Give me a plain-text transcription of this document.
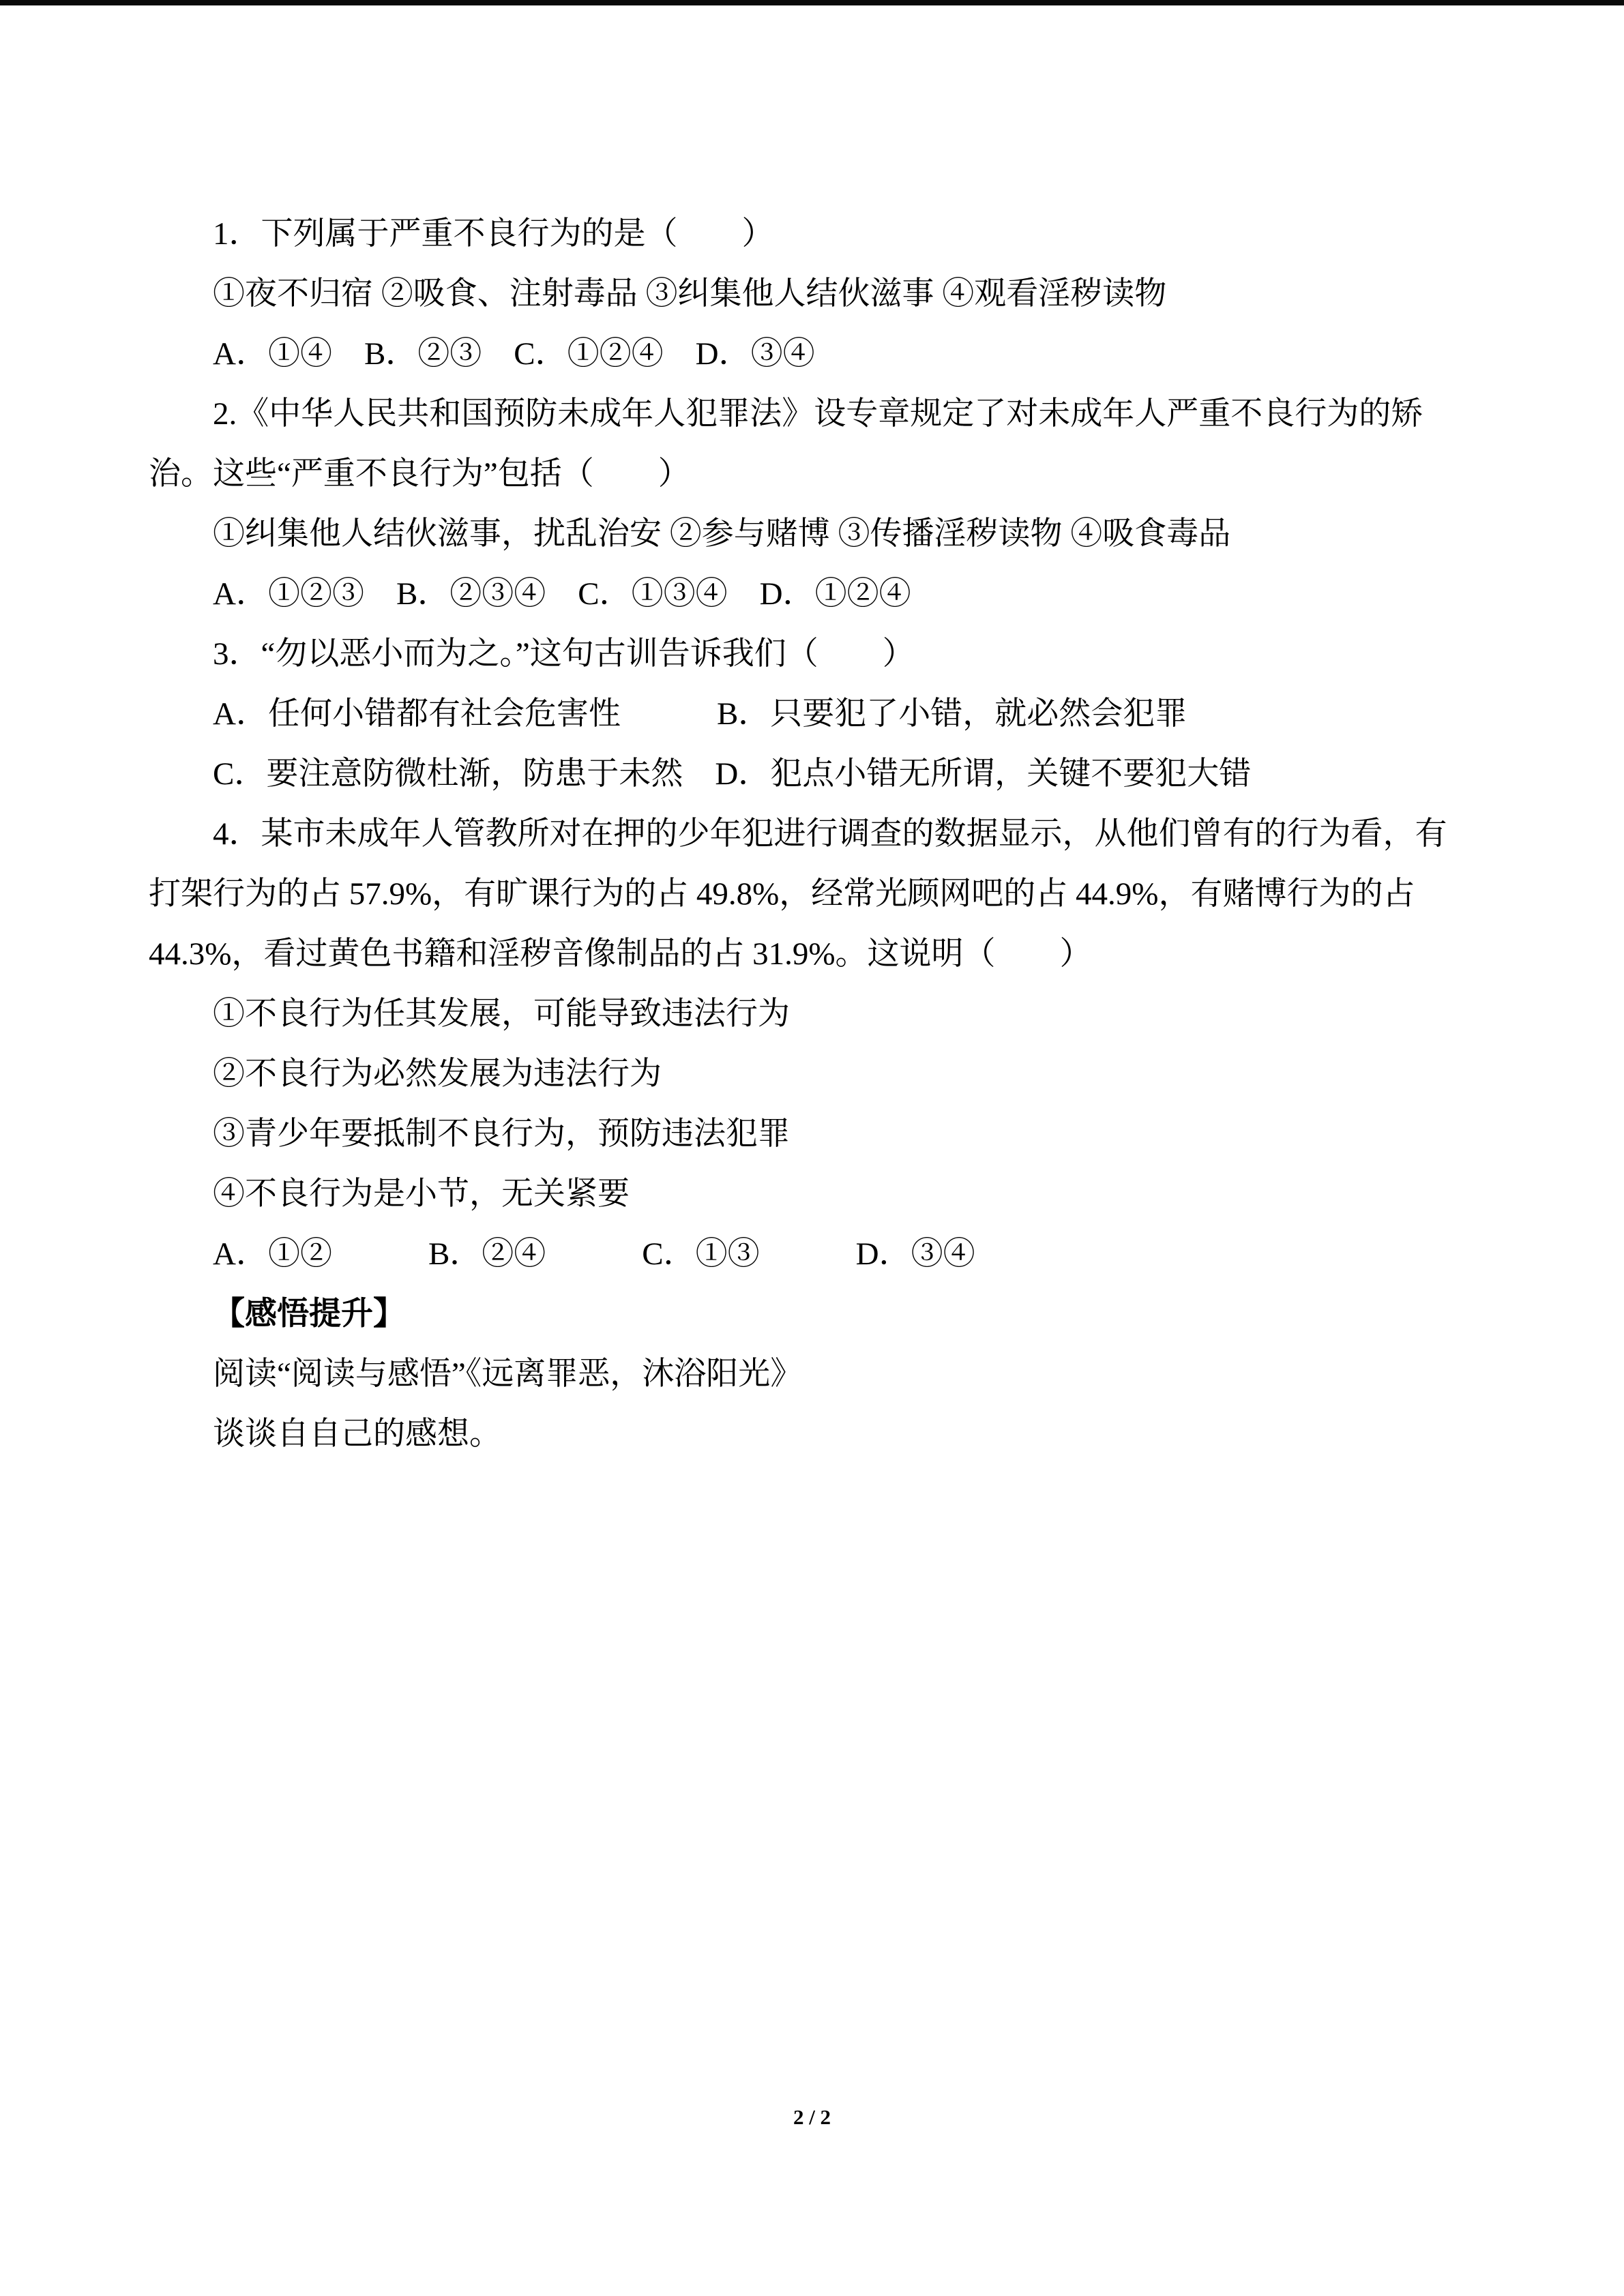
1．下列属于严重不良行为的是（　　）

①夜不归宿 ②吸食、注射毒品 ③纠集他人结伙滋事 ④观看淫秽读物

A．①④　B．②③　C．①②④　D．③④

2.《中华人民共和国预防未成年人犯罪法》设专章规定了对未成年人严重不良行为的矫

治。这些“严重不良行为”包括（　　）

①纠集他人结伙滋事，扰乱治安 ②参与赌博 ③传播淫秽读物 ④吸食毒品

A．①②③　B．②③④　C．①③④　D．①②④

3．“勿以恶小而为之。”这句古训告诉我们（　　）

A．任何小错都有社会危害性　　　B．只要犯了小错，就必然会犯罪

C．要注意防微杜渐，防患于未然　D．犯点小错无所谓，关键不要犯大错

4．某市未成年人管教所对在押的少年犯进行调查的数据显示，从他们曾有的行为看，有

打架行为的占 57.9%，有旷课行为的占 49.8%，经常光顾网吧的占 44.9%，有赌博行为的占

44.3%，看过黄色书籍和淫秽音像制品的占 31.9%。这说明（　　）

①不良行为任其发展，可能导致违法行为

②不良行为必然发展为违法行为

③青少年要抵制不良行为，预防违法犯罪

④不良行为是小节，无关紧要

A．①②　　　B．②④　　　C．①③　　　D．③④

【感悟提升】

阅读“阅读与感悟”《远离罪恶，沐浴阳光》

谈谈自自己的感想。

2 / 2
